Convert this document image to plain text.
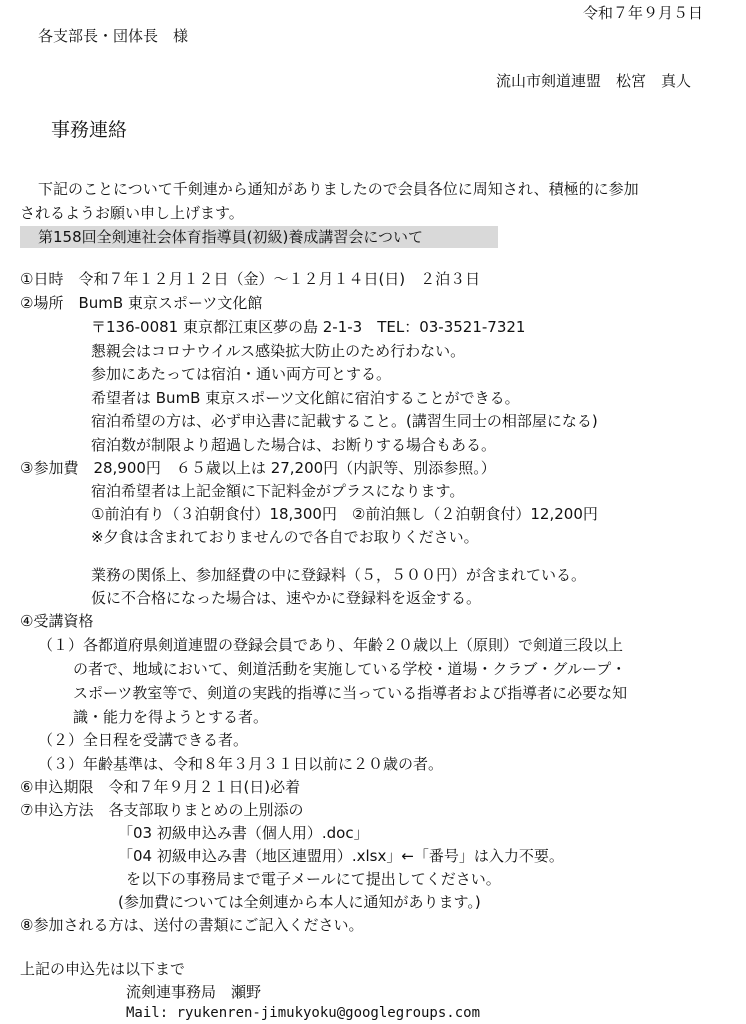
令和７年９月５日
各支部長・団体長　様
流山市剣道連盟　松宮　真人
事務連絡
下記のことについて千剣連から通知がありましたので会員各位に周知され、積極的に参加
されるようお願い申し上げます。
第158回全剣連社会体育指導員(初級)養成講習会について
①日時　令和７年１２月１２日（金）～１２月１４日(日)　２泊３日
②場所　BumB 東京スポーツ文化館
〒136-0081 東京都江東区夢の島 2-1-3　TEL：03-3521-7321
懇親会はコロナウイルス感染拡大防止のため行わない。
参加にあたっては宿泊・通い両方可とする。
希望者は BumB 東京スポーツ文化館に宿泊することができる。
宿泊希望の方は、必ず申込書に記載すること。(講習生同士の相部屋になる)
宿泊数が制限より超過した場合は、お断りする場合もある。
③参加費　28,900円　６５歳以上は 27,200円（内訳等、別添参照。）
宿泊希望者は上記金額に下記料金がプラスになります。
①前泊有り（３泊朝食付）18,300円　②前泊無し（２泊朝食付）12,200円
※夕食は含まれておりませんので各自でお取りください。
業務の関係上、参加経費の中に登録料（５，５００円）が含まれている。
仮に不合格になった場合は、速やかに登録料を返金する。
④受講資格
（１）各都道府県剣道連盟の登録会員であり、年齢２０歳以上（原則）で剣道三段以上
の者で、地域において、剣道活動を実施している学校・道場・クラブ・グループ・
スポーツ教室等で、剣道の実践的指導に当っている指導者および指導者に必要な知
識・能力を得ようとする者。
（２）全日程を受講できる者。
（３）年齢基準は、令和８年３月３１日以前に２０歳の者。
⑥申込期限　令和７年９月２１日(日)必着
⑦申込方法　各支部取りまとめの上別添の
「03 初級申込み書（個人用）.doc」
「04 初級申込み書（地区連盟用）.xlsx」←「番号」は入力不要。
を以下の事務局まで電子メールにて提出してください。
(参加費については全剣連から本人に通知があります。)
⑧参加される方は、送付の書類にご記入ください。
上記の申込先は以下まで
流剣連事務局　瀬野
Mail: ryukenren-jimukyoku@googlegroups.com
